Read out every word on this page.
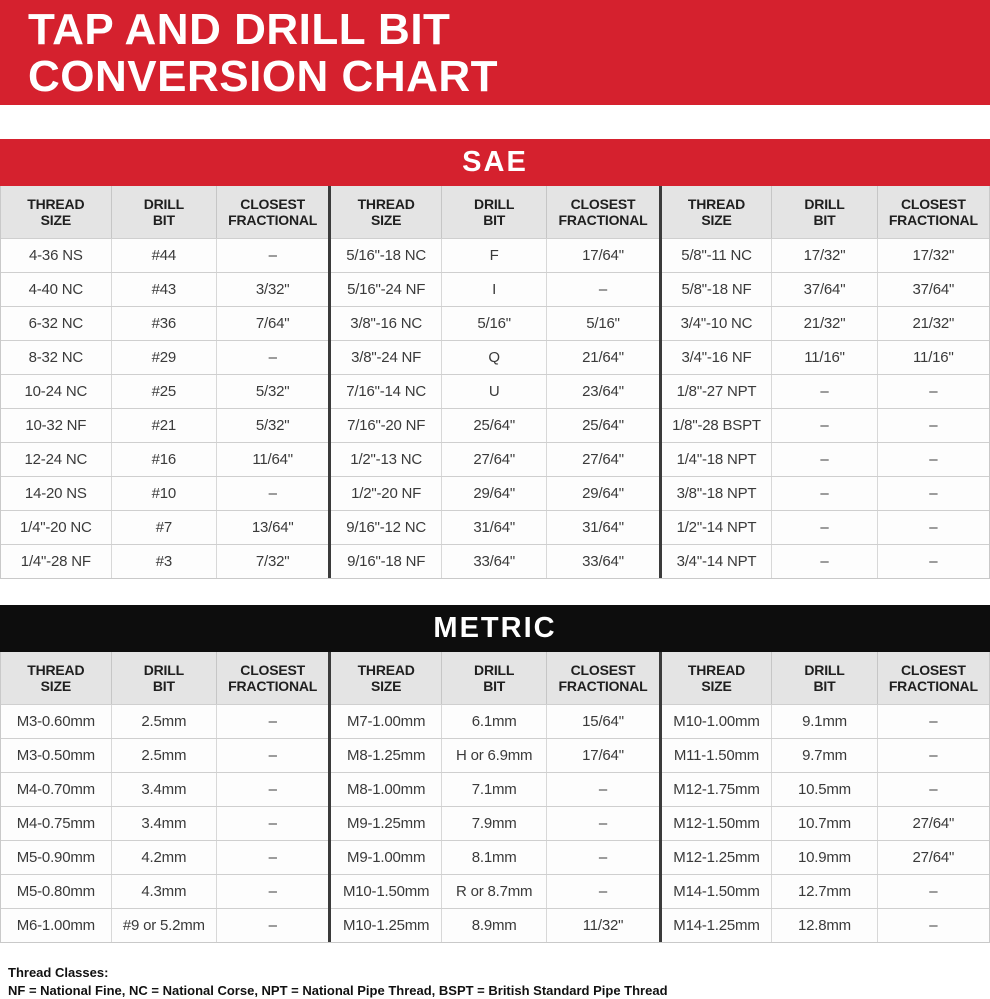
TAP AND DRILL BIT
CONVERSION CHART
SAE
THREAD
SIZE
DRILL
BIT
CLOSEST
FRACTIONAL
4-36 NS	#44	–
4-40 NC	#43	3/32"
6-32 NC	#36	7/64"
8-32 NC	#29	–
10-24 NC	#25	5/32"
10-32 NF	#21	5/32"
12-24 NC	#16	11/64"
14-20 NS	#10	–
1/4"-20 NC	#7	13/64"
1/4"-28 NF	#3	7/32"
THREAD
SIZE
DRILL
BIT
CLOSEST
FRACTIONAL
5/16"-18 NC	F	17/64"
5/16"-24 NF	I	–
3/8"-16 NC	5/16"	5/16"
3/8"-24 NF	Q	21/64"
7/16"-14 NC	U	23/64"
7/16"-20 NF	25/64"	25/64"
1/2"-13 NC	27/64"	27/64"
1/2"-20 NF	29/64"	29/64"
9/16"-12 NC	31/64"	31/64"
9/16"-18 NF	33/64"	33/64"
THREAD
SIZE
DRILL
BIT
CLOSEST
FRACTIONAL
5/8"-11 NC	17/32"	17/32"
5/8"-18 NF	37/64"	37/64"
3/4"-10 NC	21/32"	21/32"
3/4"-16 NF	11/16"	11/16"
1/8"-27 NPT	–	–
1/8"-28 BSPT	–	–
1/4"-18 NPT	–	–
3/8"-18 NPT	–	–
1/2"-14 NPT	–	–
3/4"-14 NPT	–	–
METRIC
THREAD
SIZE
DRILL
BIT
CLOSEST
FRACTIONAL
M3-0.60mm	2.5mm	–
M3-0.50mm	2.5mm	–
M4-0.70mm	3.4mm	–
M4-0.75mm	3.4mm	–
M5-0.90mm	4.2mm	–
M5-0.80mm	4.3mm	–
M6-1.00mm	#9 or 5.2mm	–
THREAD
SIZE
DRILL
BIT
CLOSEST
FRACTIONAL
M7-1.00mm	6.1mm	15/64"
M8-1.25mm	H or 6.9mm	17/64"
M8-1.00mm	7.1mm	–
M9-1.25mm	7.9mm	–
M9-1.00mm	8.1mm	–
M10-1.50mm	R or 8.7mm	–
M10-1.25mm	8.9mm	11/32"
THREAD
SIZE
DRILL
BIT
CLOSEST
FRACTIONAL
M10-1.00mm	9.1mm	–
M11-1.50mm	9.7mm	–
M12-1.75mm	10.5mm	–
M12-1.50mm	10.7mm	27/64"
M12-1.25mm	10.9mm	27/64"
M14-1.50mm	12.7mm	–
M14-1.25mm	12.8mm	–
Thread Classes:
NF = National Fine, NC = National Corse, NPT = National Pipe Thread, BSPT = British Standard Pipe Thread
